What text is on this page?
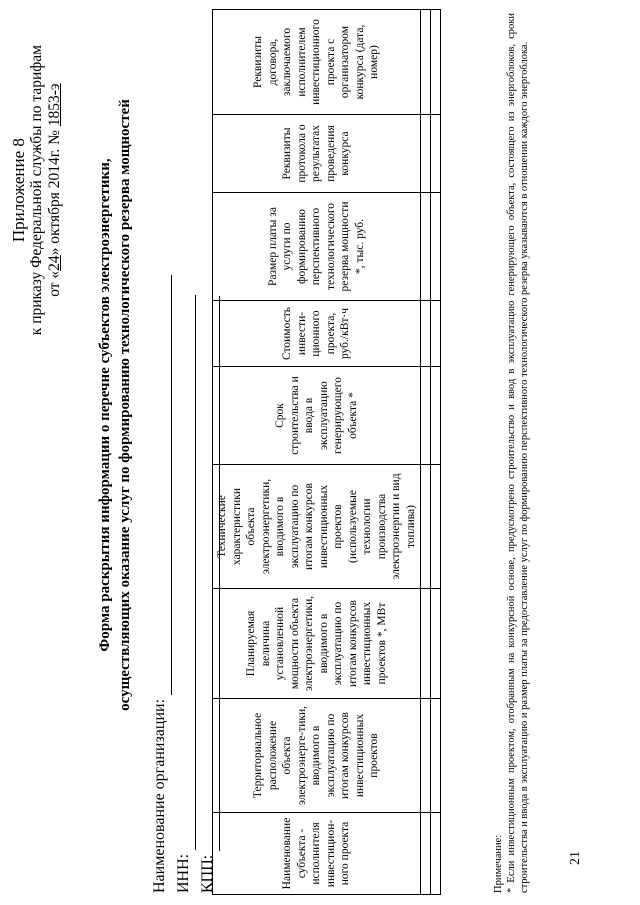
Приложение 8 к приказу Федеральной службы по тарифам от «24» октября 2014г. № 1853-э
Форма раскрытия информации о перечне субъектов электроэнергетики, осуществляющих оказание услуг по формированию технологического резерва мощностей
Наименование организации: ИНН: КПП:	Наименование субъекта - исполнителя инвестицион-ного проекта	Территориальное расположение объекта электроэнерге-тики, вводимого в эксплуатацию по итогам конкурсов инвестиционных проектов	Планируемая величина установленной мощности объекта электроэнергетики, вводимого в эксплуатацию по итогам конкурсов инвестиционных проектов *, МВт	Технические характеристики объекта электроэнергетики, вводимого в эксплуатацию по итогам конкурсов инвестиционных проектов (используемые технологии производства электроэнергии и вид топлива)	Срок строительства и ввода в эксплуатацию генерирующего объекта *	Стоимость инвести-ционного проекта, руб./кВт·ч	Размер платы за услуги по формированию перспективного технологического резерва мощности *, тыс. руб.	Реквизиты протокола о результатах проведения конкурса	Реквизиты договора, заключаемого исполнителем инвестиционного проекта с организатором конкурса (дата, номер)

Примечание: * Если инвестиционным проектом, отобранным на конкурсной основе, предусмотрено строительство и ввод в эксплуатацию генерирующего объекта, состоящего из энергоблоков, сроки строительства и ввода в эксплуатацию и размер платы за предоставление услуг по формированию перспективного технологического резерва указываются в отношении каждого энергоблока.	21
